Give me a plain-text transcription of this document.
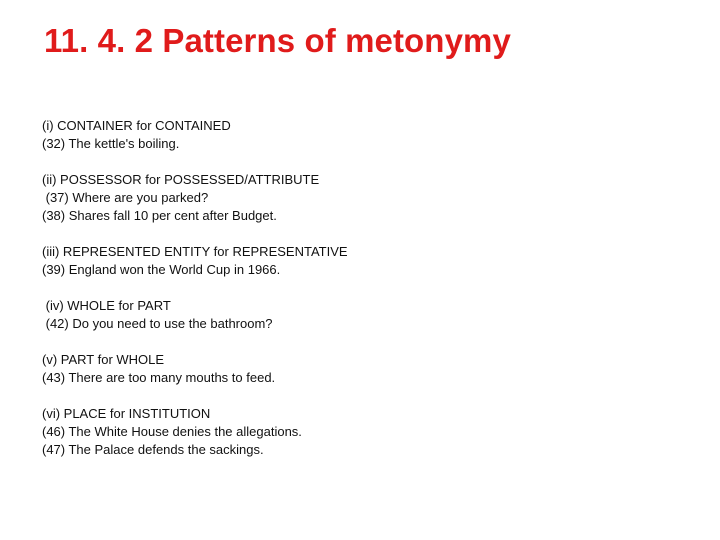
11. 4. 2 Patterns of metonymy
(i) CONTAINER for CONTAINED
(32) The kettle's boiling.
(ii) POSSESSOR for POSSESSED/ATTRIBUTE
(37) Where are you parked?
(38) Shares fall 10 per cent after Budget.
(iii) REPRESENTED ENTITY for REPRESENTATIVE
(39) England won the World Cup in 1966.
(iv) WHOLE for PART
(42) Do you need to use the bathroom?
(v) PART for WHOLE
(43) There are too many mouths to feed.
(vi) PLACE for INSTITUTION
(46) The White House denies the allegations.
(47) The Palace defends the sackings.
